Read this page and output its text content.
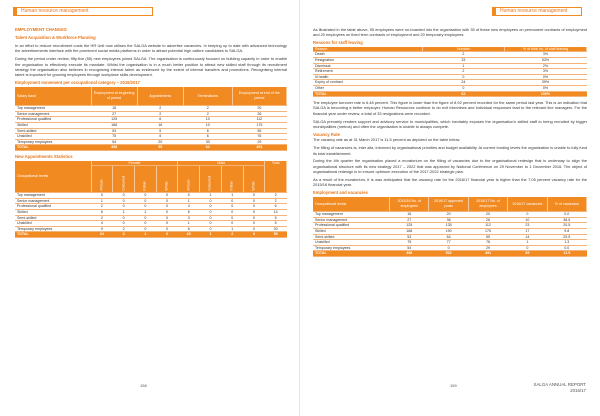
Human resource management
EMPLOYMENT CHANGES
Talent Acquisition & Workforce Planning

In an effort to reduce recruitment costs the HR Unit now utilises the SALGA website to advertise vacancies. In keeping up to date with advanced technology the advertisements interface with the prominent social media platforms in order to attract potential high calibre candidates to SALGA.

During the period under review, fifty-five (55) new employees joined SALGA. The organisation is continuously focused on building capacity in order to enable the organisation to effectively execute its mandate. Whilst the organisation is in a much better position to attract new skilled staff through its recruitment strategy the organisation also believes in recognising internal talent as evidenced by the extent of internal transfers and promotions. Recognising internal talent is important for growing employees through workplace skills development.

Employment movement per occupational category – 2016/2017
Salary band	Employment at beginning of period	Appointments	Terminations	Employment at end of the period
Top management	18	2	2	20
Senior management	27	2	2	26
Professional qualified	125	6	10	112
Skilled	168	16	10	175
Semi-skilled	53	5	6	55
Unskilled	75	5	6	76
Temporary employees	54	20	30	29
TOTAL	498	55	62	491
New Appointments Statistics
Occupational levels	Female				Male				Total

	African	Coloured	Indian	White	African	Coloured	Indian	White	

Top management	0	0	0	0	0	1	1	0	2
Senior management	1	0	0	0	1	0	0	0	2
Professional qualified	2	0	0	0	4	0	0	0	6
Skilled	6	1	1	0	6	0	0	0	14
Semi-skilled	2	0	0	0	3	0	0	0	5
Unskilled	4	0	0	0	1	0	0	0	5
Temporary employees	9	2	0	0	8	0	1	0	20
TOTAL	24	3	1	0	23	1	2	0	55
158
Human resource management

As illustrated in the table above, 55 employees were on-boarded into the organisation with 35 of these new employees on permanent contracts of employment and 20 employees on fixed term contracts of employment and 20 temporary employees.

Reasons for staff leaving
Reason	Number	% of total no. of staff leaving
Death	2	3%
Resignation	33	53%
Dismissal	1	2%
Retirement	2	3%
Ill health	0	0%
Expiry of contract	24	39%
Other	0	0%
TOTAL	62	100%

The employee turnover rate is 6.48 percent. This figure is lower than the figure of 8.92 percent recorded for the same period last year. This is an indication that SALGA is becoming a better employer. Human Resources continue to do exit interviews and individual responses lead to the relevant line managers. For the financial year under review, a total of 33 resignations were recorded.

SALGA primarily renders support and advisory service to municipalities, which inevitably exposes the organisation's skilled staff to being recruited by bigger municipalities (metros) and often the organisation is unable to always compete.

Vacancy Rate

The vacancy rate as at 31 March 2017 is 11.5 percent as depicted on the table below.

The filling of vacancies is, inter alia, informed by organisational priorities and budget availability. At current funding levels the organisation is unable to fully fund its total establishment.

During the 4th quarter the organisation placed a moratorium on the filling of vacancies due to the organisational redesign that is underway to align the organisational structure with its new strategy 2017 – 2022 that was approved by National Conference on 29 November to 1 December 2016. The object of organisational redesign is to ensure optimum execution of the 2017-2022 strategic plan.

As a result of the moratorium, it is was anticipated that the vacancy rate for the 2016/17 financial year is higher than the 7.05 percent vacancy rate for the 2015/16 financial year.

Employment and vacancies
Occupational levels	2015/16 No. of employees	2016/17 approved posts	2016/17 No. of employees	2016/17 vacancies	% of vacancies
Top management	16	20	20	0	0.0
Senior management	27	36	26	10	38.5
Professional qualified	125	135	112	23	20.5
Skilled	168	190	175	17	9.8
Semi-skilled	53	64	55	14	25.5
Unskilled	75	77	76	1	1.3
Temporary employees	54	0	29	0	0.0
TOTAL	498	522	491	65	11.5
159	SALGA ANNUAL REPORT
2016/17
